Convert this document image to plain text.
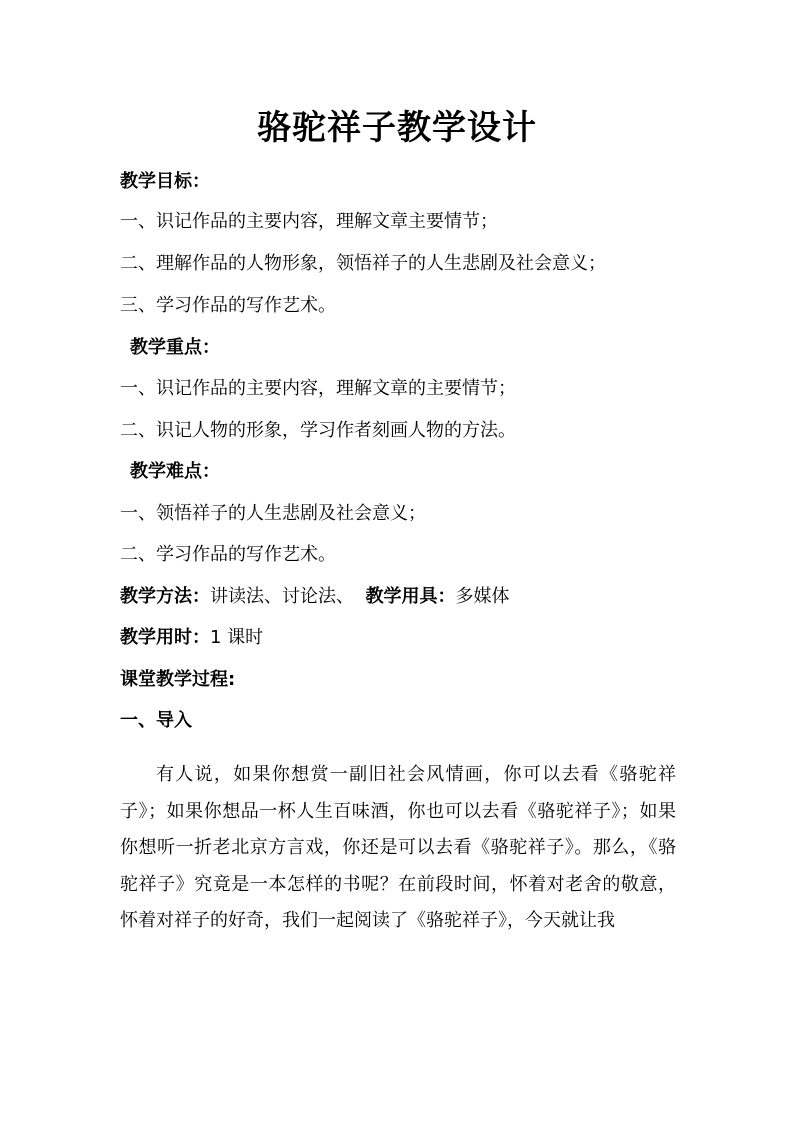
骆驼祥子教学设计
教学目标：
一、识记作品的主要内容，理解文章主要情节；
二、理解作品的人物形象，领悟祥子的人生悲剧及社会意义；
三、学习作品的写作艺术。
教学重点：
一、识记作品的主要内容，理解文章的主要情节；
二、识记人物的形象，学习作者刻画人物的方法。
教学难点：
一、领悟祥子的人生悲剧及社会意义；
二、学习作品的写作艺术。
教学方法：讲读法、讨论法、  教学用具：多媒体
教学用时：1 课时
课堂教学过程:
一、导入
有人说，如果你想赏一副旧社会风情画，你可以去看《骆驼祥子》；如果你想品一杯人生百味酒，你也可以去看《骆驼祥子》；如果你想听一折老北京方言戏，你还是可以去看《骆驼祥子》。那么，《骆驼祥子》究竟是一本怎样的书呢？在前段时间，怀着对老舍的敬意，怀着对祥子的好奇，我们一起阅读了《骆驼祥子》，今天就让我
